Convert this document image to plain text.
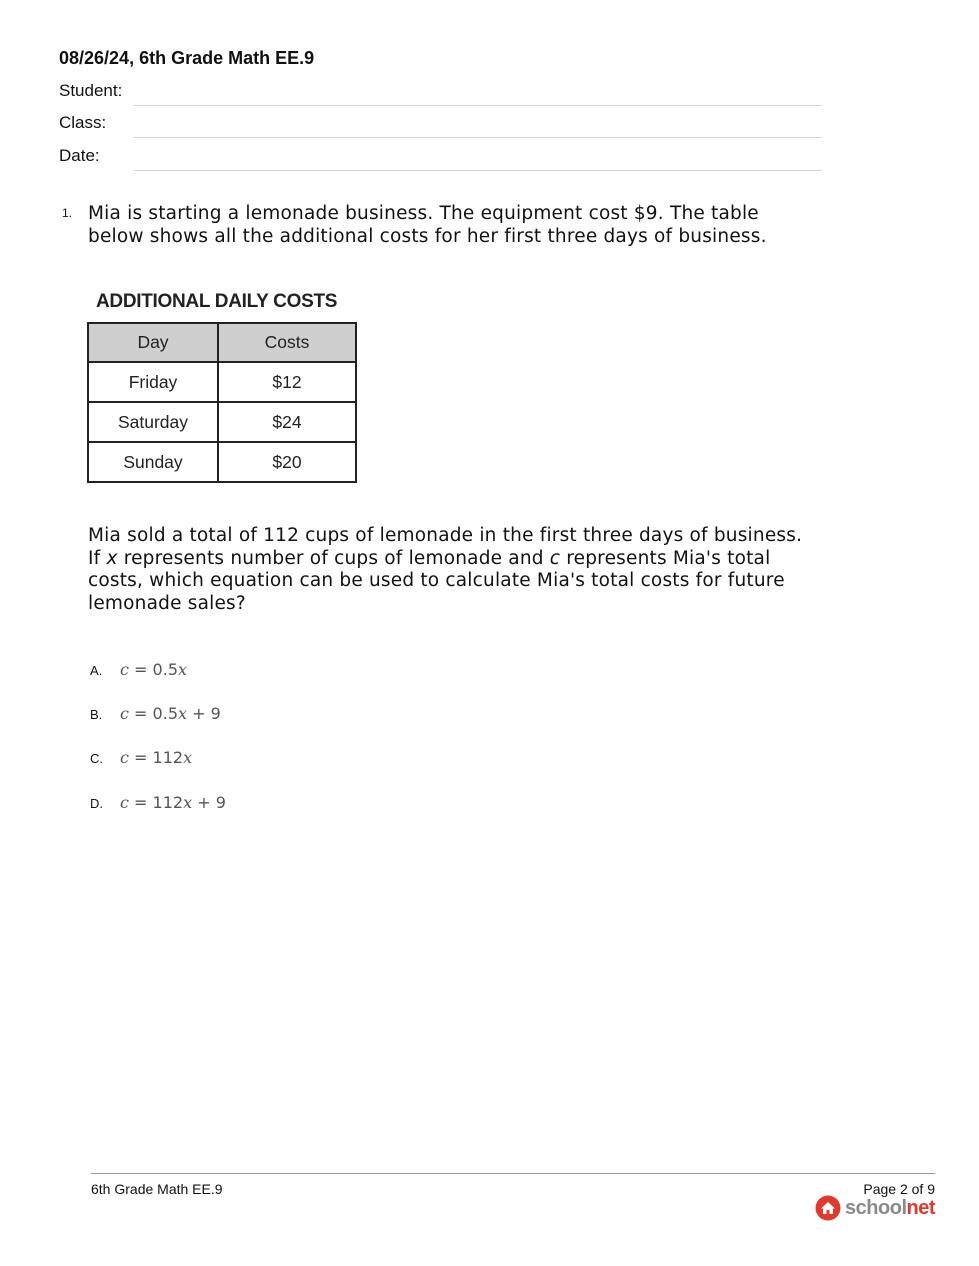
08/26/24, 6th Grade Math EE.9
Student:
Class:
Date:
1. Mia is starting a lemonade business. The equipment cost $9. The table below shows all the additional costs for her first three days of business.
ADDITIONAL DAILY COSTS
Day	Costs
Friday	$12
Saturday	$24
Sunday	$20
Mia sold a total of 112 cups of lemonade in the first three days of business. If x represents number of cups of lemonade and c represents Mia's total costs, which equation can be used to calculate Mia's total costs for future lemonade sales?
A. c = 0.5x
B. c = 0.5x + 9
C. c = 112x
D. c = 112x + 9
6th Grade Math EE.9	Page 2 of 9
schoolnet
